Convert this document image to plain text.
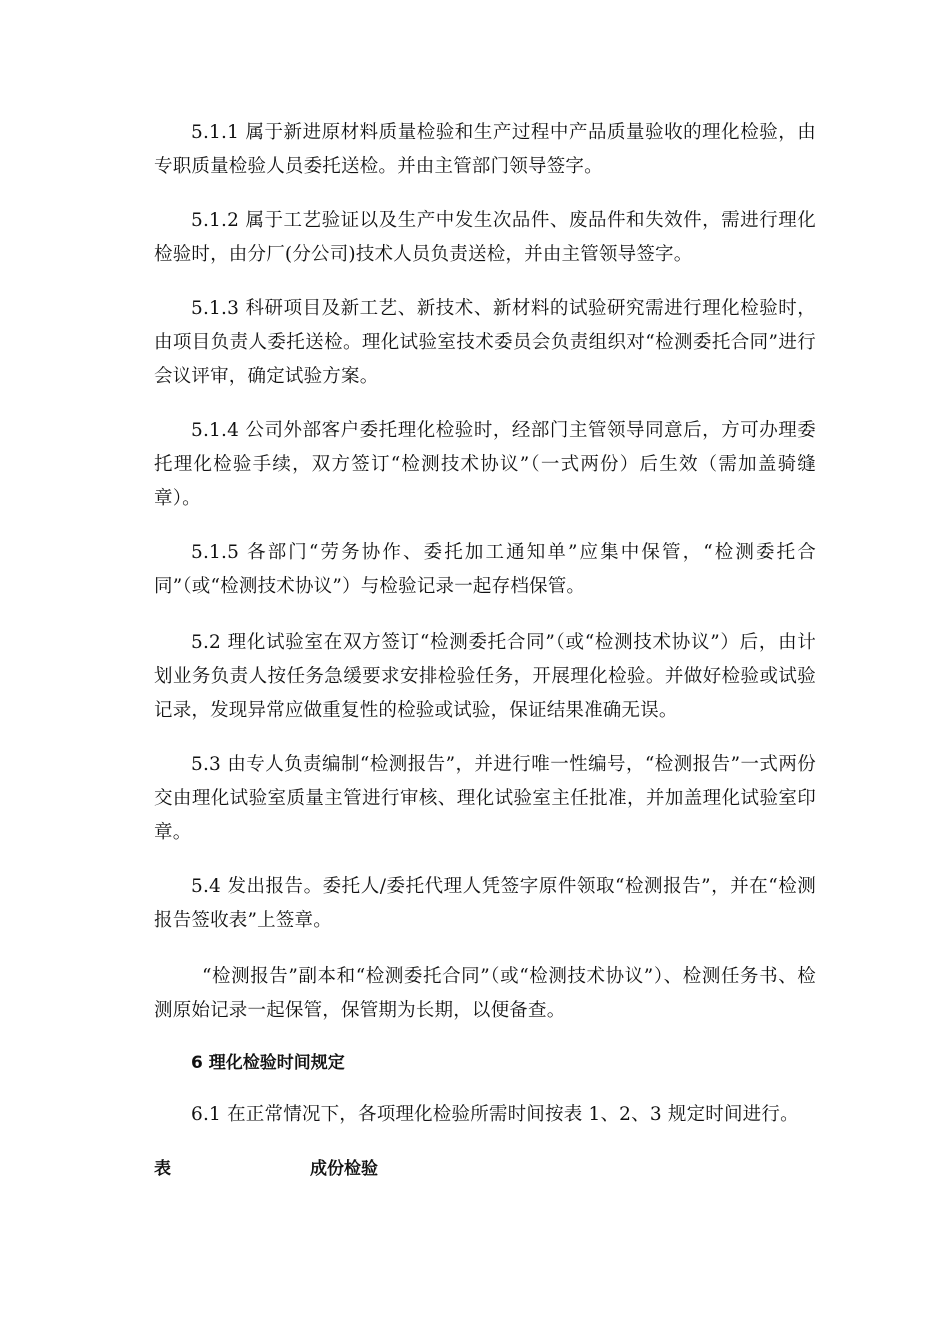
5.1.1 属于新进原材料质量检验和生产过程中产品质量验收的理化检验，由专职质量检验人员委托送检。并由主管部门领导签字。

5.1.2 属于工艺验证以及生产中发生次品件、废品件和失效件，需进行理化检验时，由分厂(分公司)技术人员负责送检，并由主管领导签字。

5.1.3 科研项目及新工艺、新技术、新材料的试验研究需进行理化检验时，由项目负责人委托送检。理化试验室技术委员会负责组织对“检测委托合同”进行会议评审，确定试验方案。

5.1.4 公司外部客户委托理化检验时，经部门主管领导同意后，方可办理委托理化检验手续，双方签订“检测技术协议”（一式两份）后生效（需加盖骑缝章）。

5.1.5 各部门“劳务协作、委托加工通知单”应集中保管，“检测委托合同”（或“检测技术协议”）与检验记录一起存档保管。

5.2 理化试验室在双方签订“检测委托合同”（或“检测技术协议”）后，由计划业务负责人按任务急缓要求安排检验任务，开展理化检验。并做好检验或试验记录，发现异常应做重复性的检验或试验，保证结果准确无误。

5.3 由专人负责编制“检测报告”，并进行唯一性编号，“检测报告”一式两份交由理化试验室质量主管进行审核、理化试验室主任批准，并加盖理化试验室印章。

5.4 发出报告。委托人/委托代理人凭签字原件领取“检测报告”，并在“检测报告签收表”上签章。

“检测报告”副本和“检测委托合同”（或“检测技术协议”）、检测任务书、检测原始记录一起保管，保管期为长期，以便备查。

6 理化检验时间规定

6.1 在正常情况下，各项理化检验所需时间按表 1、2、3 规定时间进行。

表	成份检验
